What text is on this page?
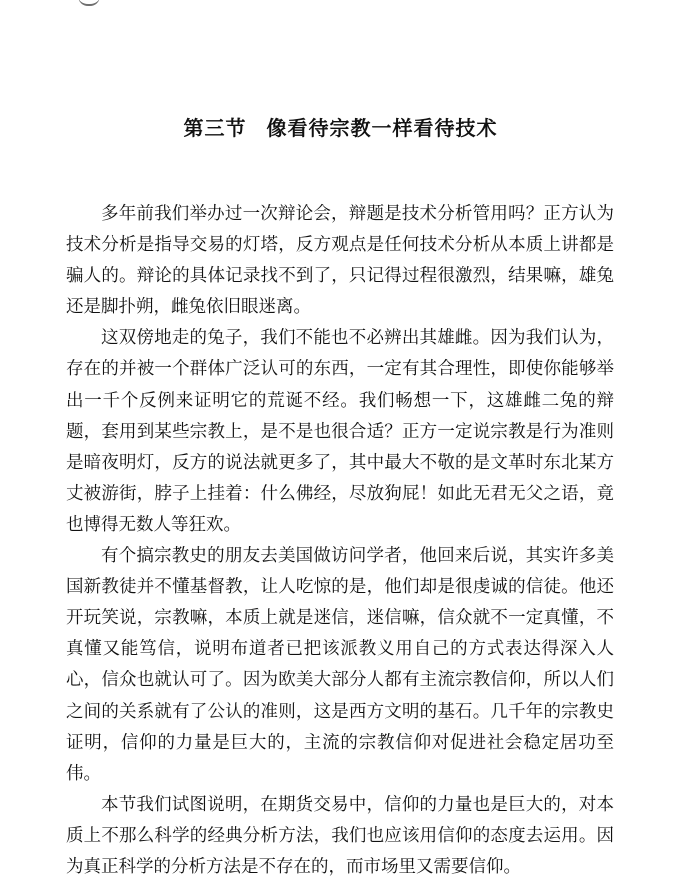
第三节 像看待宗教一样看待技术

多年前我们举办过一次辩论会，辩题是技术分析管用吗？正方认为技术分析是指导交易的灯塔，反方观点是任何技术分析从本质上讲都是骗人的。辩论的具体记录找不到了，只记得过程很激烈，结果嘛，雄兔还是脚扑朔，雌兔依旧眼迷离。

这双傍地走的兔子，我们不能也不必辨出其雄雌。因为我们认为，存在的并被一个群体广泛认可的东西，一定有其合理性，即使你能够举出一千个反例来证明它的荒诞不经。我们畅想一下，这雄雌二兔的辩题，套用到某些宗教上，是不是也很合适？正方一定说宗教是行为准则是暗夜明灯，反方的说法就更多了，其中最大不敬的是文革时东北某方丈被游街，脖子上挂着：什么佛经，尽放狗屁！如此无君无父之语，竟也博得无数人等狂欢。

有个搞宗教史的朋友去美国做访问学者，他回来后说，其实许多美国新教徒并不懂基督教，让人吃惊的是，他们却是很虔诚的信徒。他还开玩笑说，宗教嘛，本质上就是迷信，迷信嘛，信众就不一定真懂，不真懂又能笃信，说明布道者已把该派教义用自己的方式表达得深入人心，信众也就认可了。因为欧美大部分人都有主流宗教信仰，所以人们之间的关系就有了公认的准则，这是西方文明的基石。几千年的宗教史证明，信仰的力量是巨大的，主流的宗教信仰对促进社会稳定居功至伟。

本节我们试图说明，在期货交易中，信仰的力量也是巨大的，对本质上不那么科学的经典分析方法，我们也应该用信仰的态度去运用。因为真正科学的分析方法是不存在的，而市场里又需要信仰。
